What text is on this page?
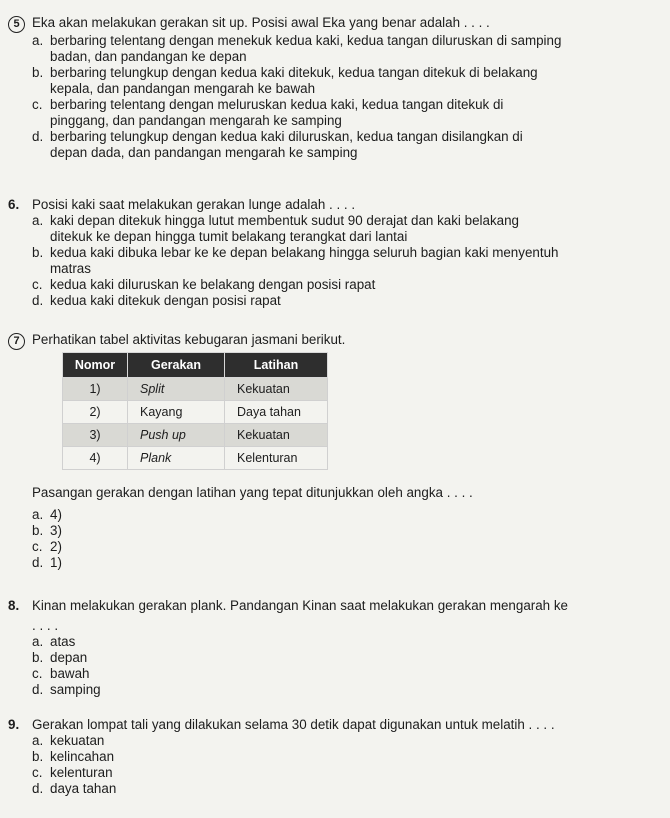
5 Eka akan melakukan gerakan sit up. Posisi awal Eka yang benar adalah . . . .
a. berbaring telentang dengan menekuk kedua kaki, kedua tangan diluruskan di samping
badan, dan pandangan ke depan
b. berbaring telungkup dengan kedua kaki ditekuk, kedua tangan ditekuk di belakang
kepala, dan pandangan mengarah ke bawah
c. berbaring telentang dengan meluruskan kedua kaki, kedua tangan ditekuk di
pinggang, dan pandangan mengarah ke samping
d. berbaring telungkup dengan kedua kaki diluruskan, kedua tangan disilangkan di
depan dada, dan pandangan mengarah ke samping
6. Posisi kaki saat melakukan gerakan lunge adalah . . . .
a. kaki depan ditekuk hingga lutut membentuk sudut 90 derajat dan kaki belakang
ditekuk ke depan hingga tumit belakang terangkat dari lantai
b. kedua kaki dibuka lebar ke ke depan belakang hingga seluruh bagian kaki menyentuh
matras
c. kedua kaki diluruskan ke belakang dengan posisi rapat
d. kedua kaki ditekuk dengan posisi rapat
7 Perhatikan tabel aktivitas kebugaran jasmani berikut.
Nomor	Gerakan	Latihan
1)	Split	Kekuatan
2)	Kayang	Daya tahan
3)	Push up	Kekuatan
4)	Plank	Kelenturan
Pasangan gerakan dengan latihan yang tepat ditunjukkan oleh angka . . . .
a. 4)
b. 3)
c. 2)
d. 1)
8. Kinan melakukan gerakan plank. Pandangan Kinan saat melakukan gerakan mengarah ke
. . . .
a. atas
b. depan
c. bawah
d. samping
9. Gerakan lompat tali yang dilakukan selama 30 detik dapat digunakan untuk melatih . . . .
a. kekuatan
b. kelincahan
c. kelenturan
d. daya tahan
